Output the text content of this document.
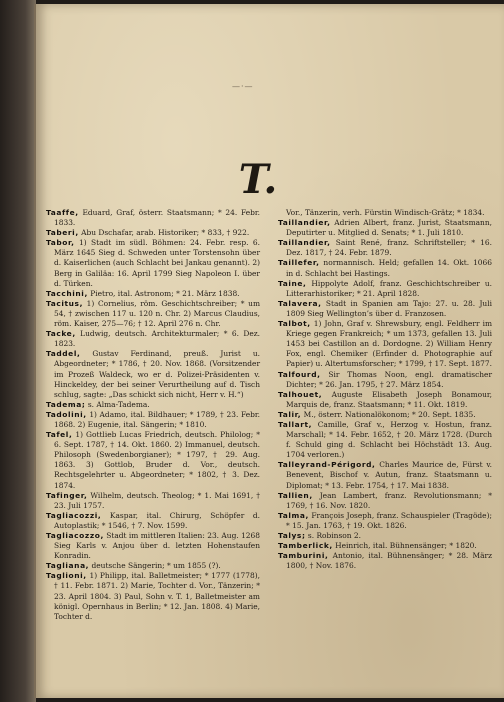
—·—
T.

Taaffe, Eduard, Graf, österr. Staatsmann; * 24. Febr. 1833.

Taberi, Abu Dschafar, arab. Historiker; * 833, † 922.

Tabor, 1) Stadt im südl. Böhmen: 24. Febr. resp. 6. März 1645 Sieg d. Schweden unter Torstensohn über d. Kaiserlichen (auch Schlacht bei Jankau genannt). 2) Berg in Galiläa: 16. April 1799 Sieg Napoleon I. über d. Türken.

Tacchini, Pietro, ital. Astronom; * 21. März 1838.

Tacitus, 1) Cornelius, röm. Geschichtschreiber; * um 54, † zwischen 117 u. 120 n. Chr. 2) Marcus Claudius, röm. Kaiser, 275—76; † 12. April 276 n. Chr.

Tacke, Ludwig, deutsch. Architekturmaler; * 6. Dez. 1823.

Taddel, Gustav Ferdinand, preuß. Jurist u. Abgeordneter; * 1786, † 20. Nov. 1868. (Vorsitzender im Prozeß Waldeck, wo er d. Polizei-Präsidenten v. Hinckeldey, der bei seiner Verurtheilung auf d. Tisch schlug, sagte: „Das schickt sich nicht, Herr v. H.“)

Tadema; s. Alma-Tadema.

Tadolini, 1) Adamo, ital. Bildhauer; * 1789, † 23. Febr. 1868. 2) Eugenie, ital. Sängerin; * 1810.

Tafel, 1) Gottlieb Lucas Friedrich, deutsch. Philolog; * 6. Sept. 1787, † 14. Okt. 1860. 2) Immanuel, deutsch. Philosoph (Swedenborgianer); * 1797, † 29. Aug. 1863. 3) Gottlob, Bruder d. Vor., deutsch. Rechtsgelehrter u. Abgeordneter; * 1802, † 3. Dez. 1874.

Tafinger, Wilhelm, deutsch. Theolog; * 1. Mai 1691, † 23. Juli 1757.

Tagliacozzi, Kaspar, ital. Chirurg, Schöpfer d. Autoplastik; * 1546, † 7. Nov. 1599.

Tagliacozzo, Stadt im mittleren Italien: 23. Aug. 1268 Sieg Karls v. Anjou über d. letzten Hohenstaufen Konradin.

Tagliana, deutsche Sängerin; * um 1855 (?).

Taglioni, 1) Philipp, ital. Balletmeister; * 1777 (1778), † 11. Febr. 1871. 2) Marie, Tochter d. Vor., Tänzerin; * 23. April 1804. 3) Paul, Sohn v. T. 1, Balletmeister am königl. Opernhaus in Berlin; * 12. Jan. 1808. 4) Marie, Tochter d.

Vor., Tänzerin, verh. Fürstin Windisch-Grätz; * 1834.

Taillandier, Adrien Albert, franz. Jurist, Staatsmann, Deputirter u. Mitglied d. Senats; * 1. Juli 1810.

Taillandier, Saint René, franz. Schriftsteller; * 16. Dez. 1817, † 24. Febr. 1879.

Taillefer, normannisch. Held; gefallen 14. Okt. 1066 in d. Schlacht bei Hastings.

Taine, Hippolyte Adolf, franz. Geschichtschreiber u. Litterarhistoriker; * 21. April 1828.

Talavera, Stadt in Spanien am Tajo: 27. u. 28. Juli 1809 Sieg Wellington’s über d. Franzosen.

Talbot, 1) John, Graf v. Shrewsbury, engl. Feldherr im Kriege gegen Frankreich; * um 1373, gefallen 13. Juli 1453 bei Castillon an d. Dordogne. 2) William Henry Fox, engl. Chemiker (Erfinder d. Photographie auf Papier) u. Altertumsforscher; * 1799, † 17. Sept. 1877.

Talfourd, Sir Thomas Noon, engl. dramatischer Dichter; * 26. Jan. 1795, † 27. März 1854.

Talhouet, Auguste Elisabeth Joseph Bonamour, Marquis de, franz. Staatsmann; * 11. Okt. 1819.

Talir, M., österr. Nationalökonom; * 20. Sept. 1835.

Tallart, Camille, Graf v., Herzog v. Hostun, franz. Marschall; * 14. Febr. 1652, † 20. März 1728. (Durch f. Schuld ging d. Schlacht bei Höchstädt 13. Aug. 1704 verloren.)

Talleyrand-Périgord, Charles Maurice de, Fürst v. Benevent, Bischof v. Autun, franz. Staatsmann u. Diplomat; * 13. Febr. 1754, † 17. Mai 1838.

Tallien, Jean Lambert, franz. Revolutionsmann; * 1769, † 16. Nov. 1820.

Talma, François Joseph, franz. Schauspieler (Tragöde); * 15. Jan. 1763, † 19. Okt. 1826.

Talys; s. Robinson 2.

Tamberlick, Heinrich, ital. Bühnensänger; * 1820.

Tamburini, Antonio, ital. Bühnensänger; * 28. März 1800, † Nov. 1876.
